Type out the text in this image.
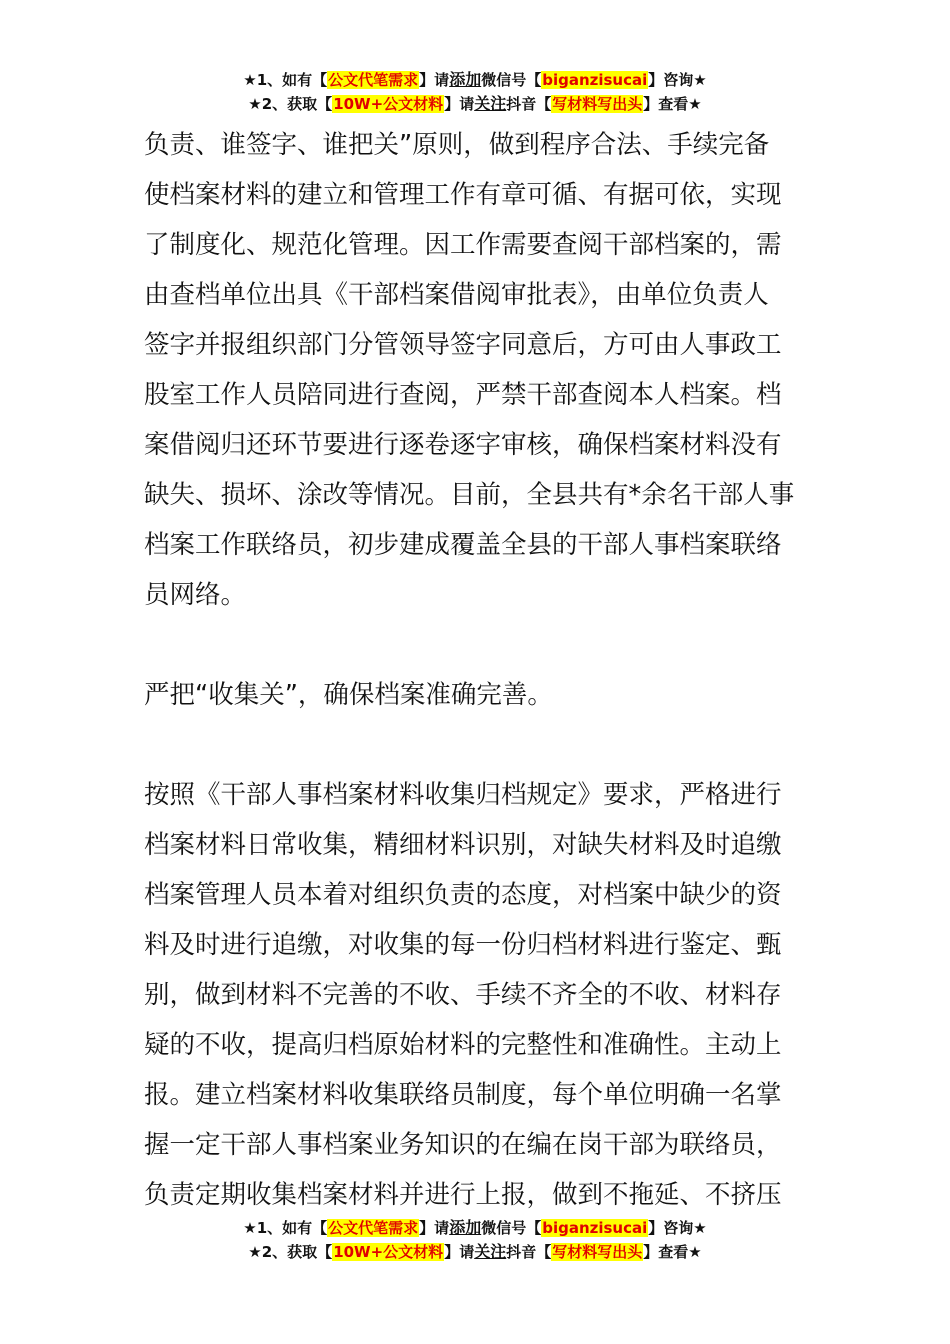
★1、如有【公文代笔需求】请添加微信号【biganzisucai】咨询★
★2、获取【10W+公文材料】请关注抖音【写材料写出头】查看★

负责、谁签字、谁把关”原则，做到程序合法、手续完备
使档案材料的建立和管理工作有章可循、有据可依，实现
了制度化、规范化管理。因工作需要查阅干部档案的，需
由查档单位出具《干部档案借阅审批表》，由单位负责人
签字并报组织部门分管领导签字同意后，方可由人事政工
股室工作人员陪同进行查阅，严禁干部查阅本人档案。档
案借阅归还环节要进行逐卷逐字审核，确保档案材料没有
缺失、损坏、涂改等情况。目前，全县共有*余名干部人事
档案工作联络员，初步建成覆盖全县的干部人事档案联络
员网络。

严把“收集关”，确保档案准确完善。

按照《干部人事档案材料收集归档规定》要求，严格进行
档案材料日常收集，精细材料识别，对缺失材料及时追缴
档案管理人员本着对组织负责的态度，对档案中缺少的资
料及时进行追缴，对收集的每一份归档材料进行鉴定、甄
别，做到材料不完善的不收、手续不齐全的不收、材料存
疑的不收，提高归档原始材料的完整性和准确性。主动上
报。建立档案材料收集联络员制度，每个单位明确一名掌
握一定干部人事档案业务知识的在编在岗干部为联络员，
负责定期收集档案材料并进行上报，做到不拖延、不挤压

★1、如有【公文代笔需求】请添加微信号【biganzisucai】咨询★
★2、获取【10W+公文材料】请关注抖音【写材料写出头】查看★
